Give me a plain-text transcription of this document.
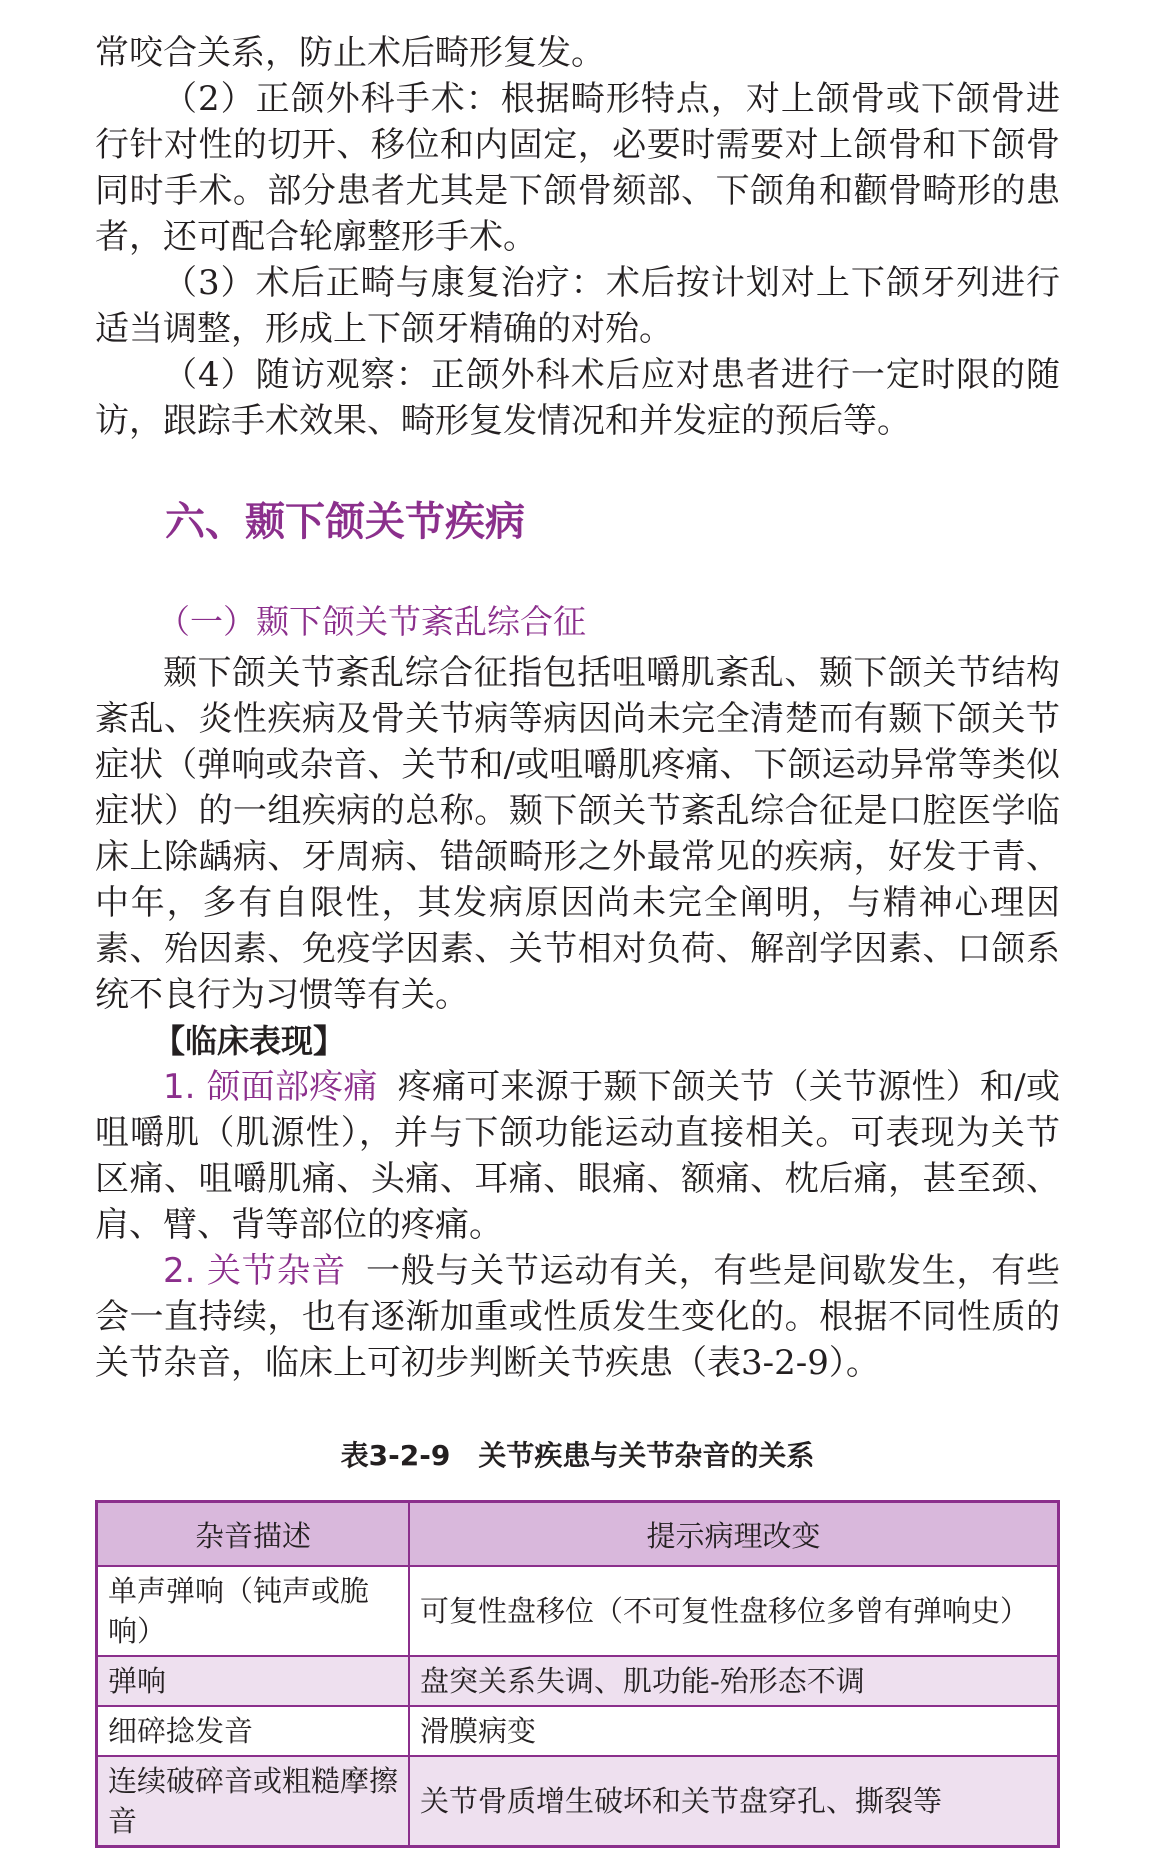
常咬合关系，防止术后畸形复发。

（2）正颌外科手术：根据畸形特点，对上颌骨或下颌骨进行针对性的切开、移位和内固定，必要时需要对上颌骨和下颌骨同时手术。部分患者尤其是下颌骨颏部、下颌角和颧骨畸形的患者，还可配合轮廓整形手术。

（3）术后正畸与康复治疗：术后按计划对上下颌牙列进行适当调整，形成上下颌牙精确的对殆。

（4）随访观察：正颌外科术后应对患者进行一定时限的随访，跟踪手术效果、畸形复发情况和并发症的预后等。

六、颞下颌关节疾病
（一）颞下颌关节紊乱综合征

颞下颌关节紊乱综合征指包括咀嚼肌紊乱、颞下颌关节结构紊乱、炎性疾病及骨关节病等病因尚未完全清楚而有颞下颌关节症状（弹响或杂音、关节和/或咀嚼肌疼痛、下颌运动异常等类似症状）的一组疾病的总称。颞下颌关节紊乱综合征是口腔医学临床上除龋病、牙周病、错颌畸形之外最常见的疾病，好发于青、中年，多有自限性，其发病原因尚未完全阐明，与精神心理因素、殆因素、免疫学因素、关节相对负荷、解剖学因素、口颌系统不良行为习惯等有关。

【临床表现】

1. 颌面部疼痛 疼痛可来源于颞下颌关节（关节源性）和/或咀嚼肌（肌源性），并与下颌功能运动直接相关。可表现为关节区痛、咀嚼肌痛、头痛、耳痛、眼痛、额痛、枕后痛，甚至颈、肩、臂、背等部位的疼痛。

2. 关节杂音 一般与关节运动有关，有些是间歇发生，有些会一直持续，也有逐渐加重或性质发生变化的。根据不同性质的关节杂音，临床上可初步判断关节疾患（表3-2-9）。

表3-2-9　关节疾患与关节杂音的关系
杂音描述	提示病理改变
单声弹响（钝声或脆响）	可复性盘移位（不可复性盘移位多曾有弹响史）
弹响	盘突关系失调、肌功能-殆形态不调
细碎捻发音	滑膜病变
连续破碎音或粗糙摩擦音	关节骨质增生破坏和关节盘穿孔、撕裂等
